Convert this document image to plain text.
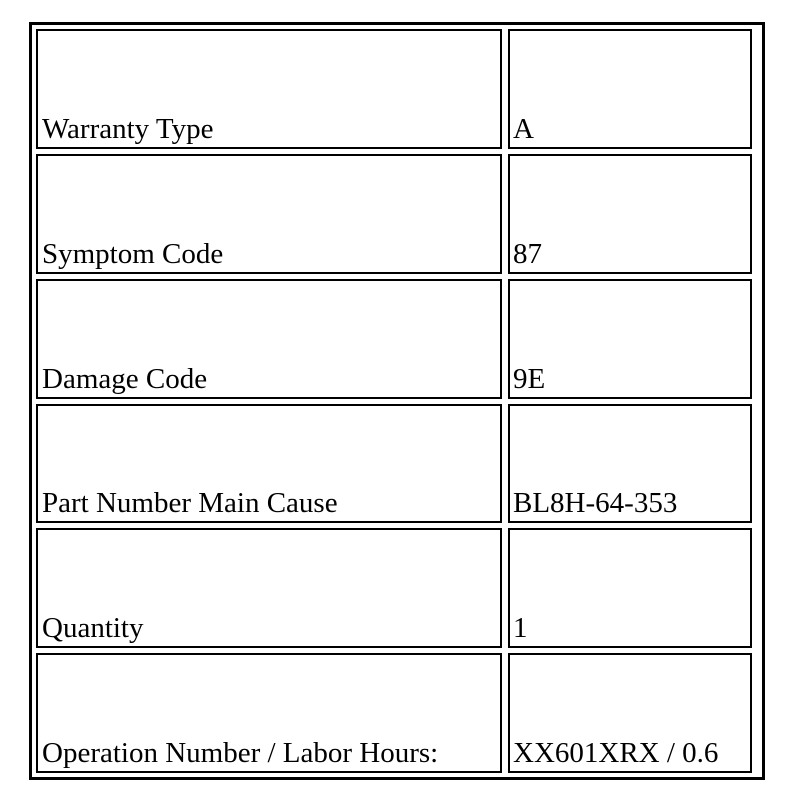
Warranty Type	A
Symptom Code	87
Damage Code	9E
Part Number Main Cause	BL8H-64-353
Quantity	1
Operation Number / Labor Hours:	XX601XRX / 0.6
